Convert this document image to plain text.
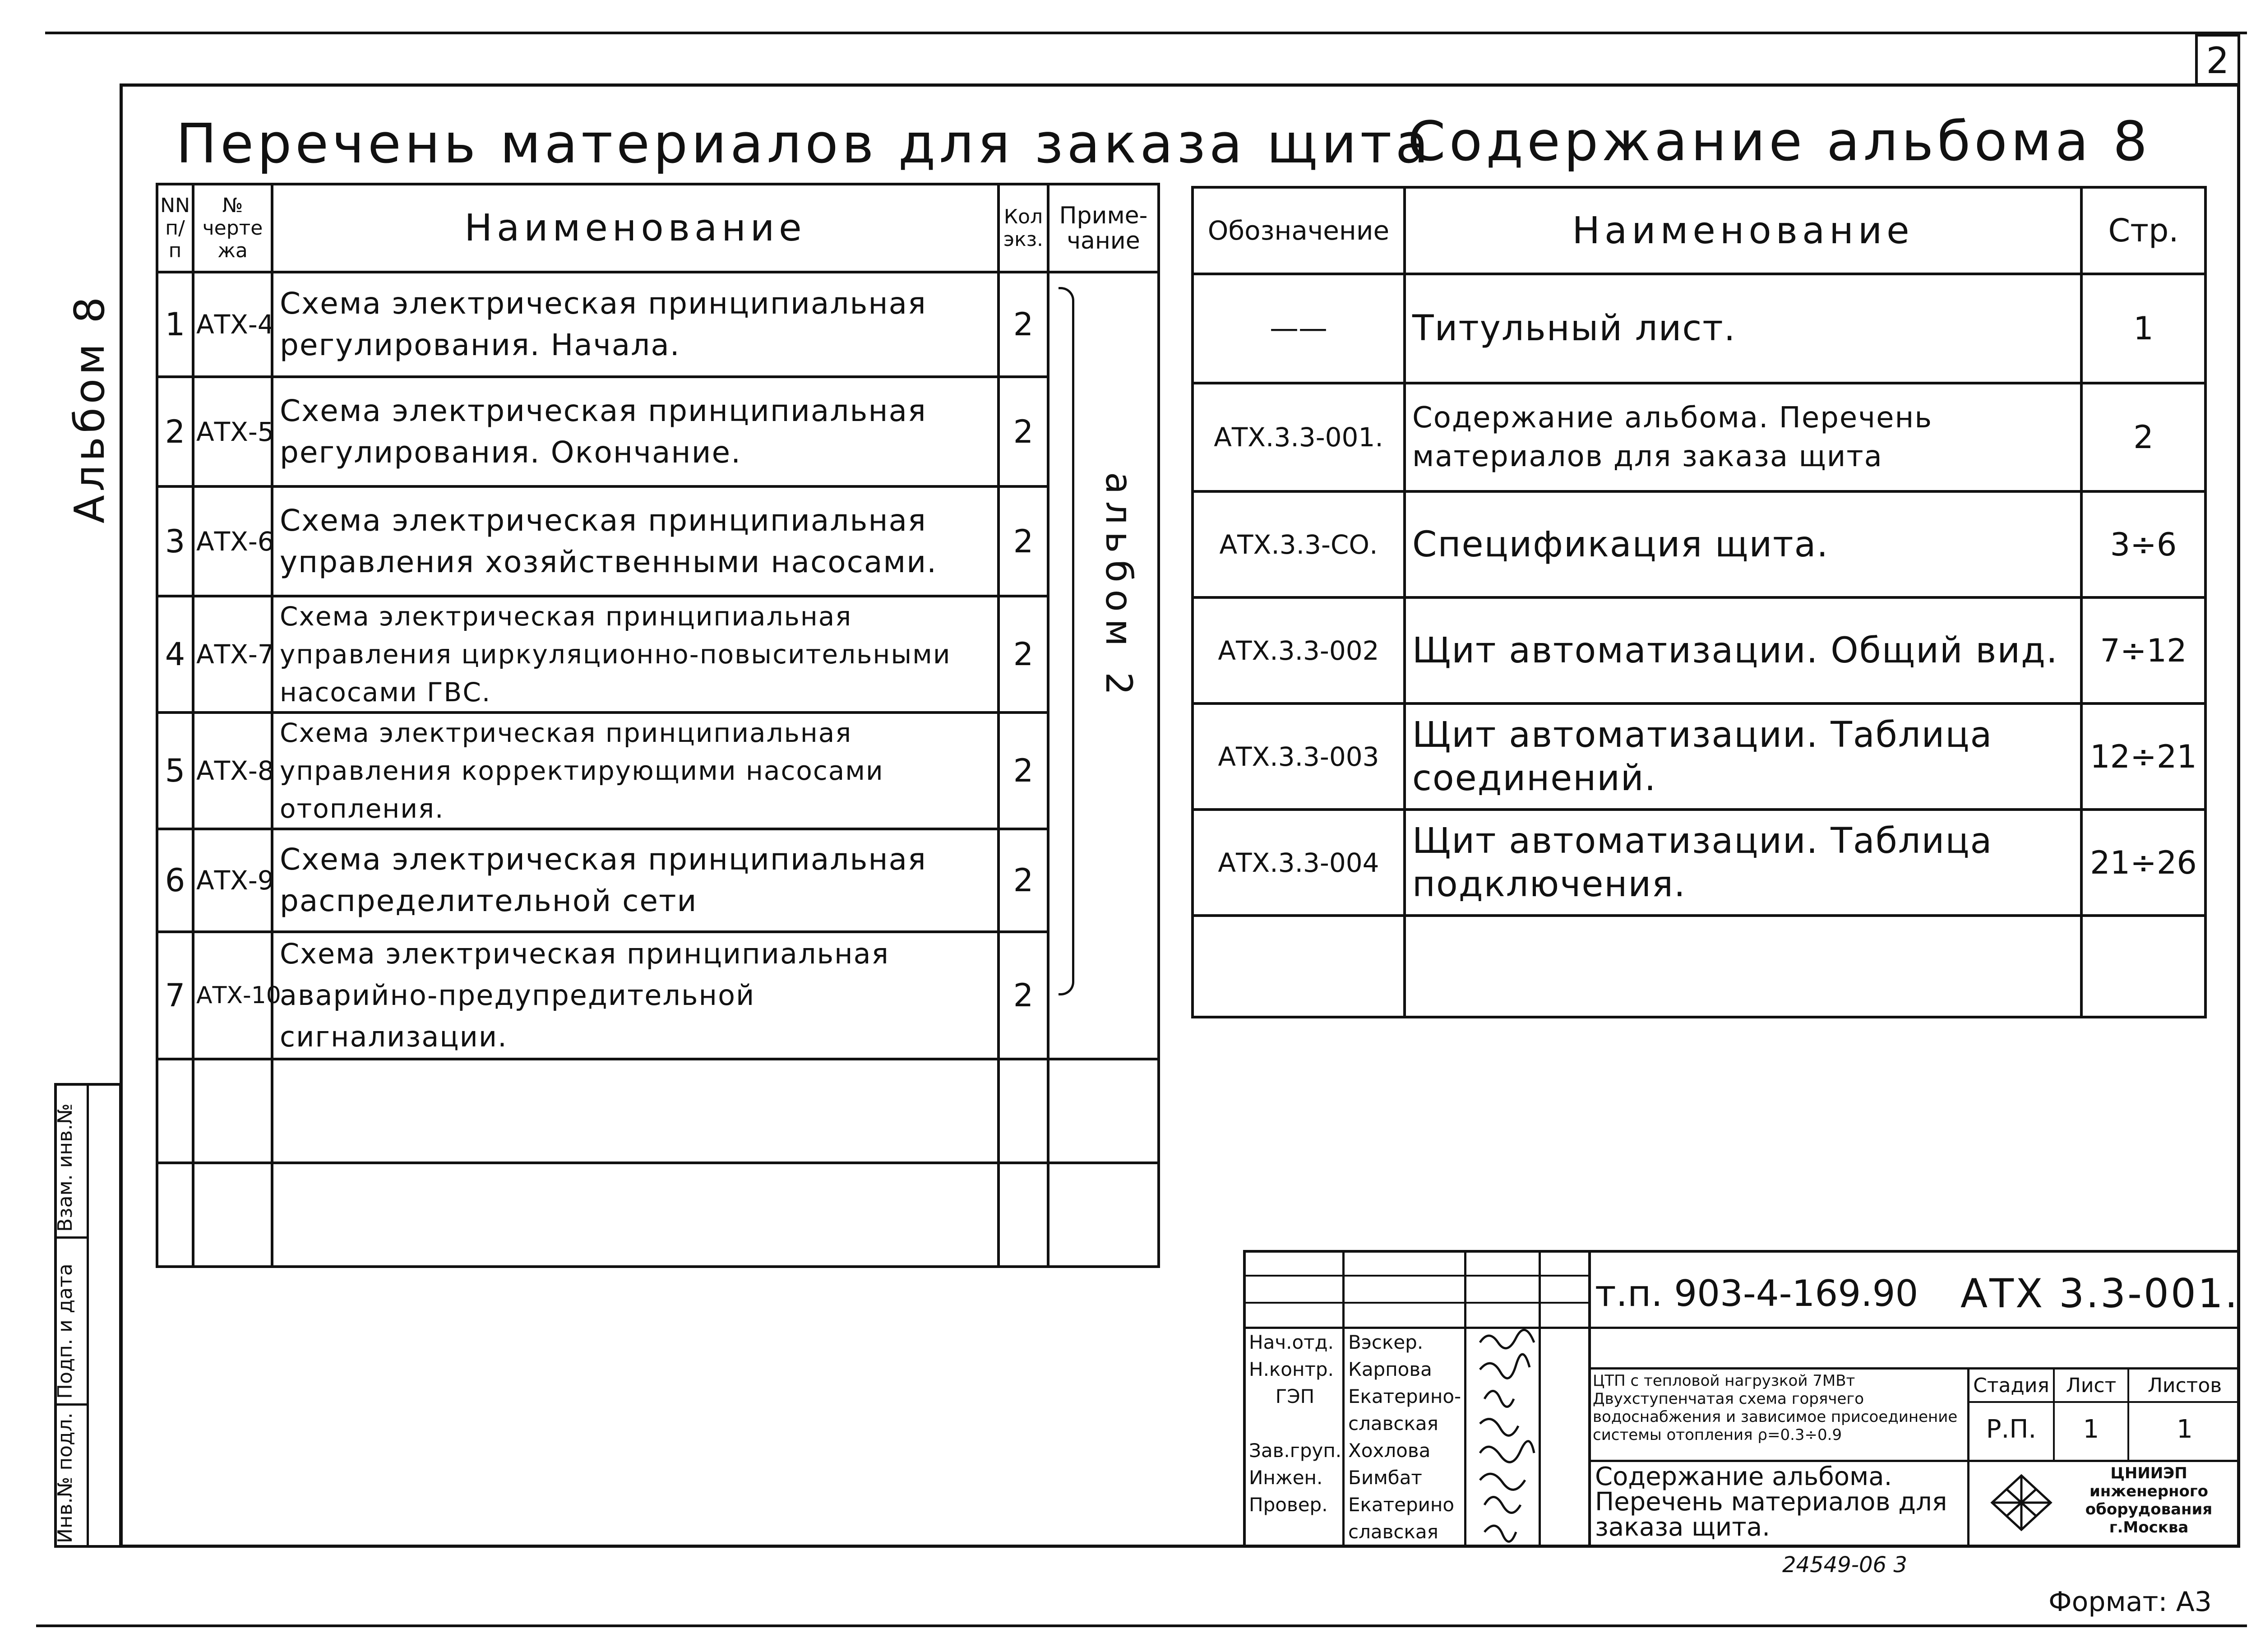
2
Альбом 8
Взам. инв.№
Подп. и дата
Инв.№ подл.
Перечень материалов для заказа щита
NN п/п	№ черте жа	Наименование	Кол экз.	Приме- чание
1	АТХ-4	Схема электрическая принципиальная регулирования. Начала.	2	альбом 2

2	АТХ-5	Схема электрическая принципиальная регулирования. Окончание.	2	
3	АТХ-6	Схема электрическая принципиальная управления хозяйственными насосами.	2	
4	АТХ-7	Схема электрическая принципиальная управления циркуляционно-повысительными насосами ГВС.	2	
5	АТХ-8	Схема электрическая принципиальная управления корректирующими насосами отопления.	2	
6	АТХ-9	Схема электрическая принципиальная распределительной сети	2	
7	АТХ-10	Схема электрическая принципиальная аварийно-предупредительной сигнализации.	2	

Содержание альбома 8
Обозначение	Наименование	Стр.
——	Титульный лист.	1
АТХ.3.3-001.	Содержание альбома. Перечень материалов для заказа щита	2
АТХ.3.3-СО.	Спецификация щита.	3÷6
АТХ.3.3-002	Щит автоматизации. Общий вид.	7÷12
АТХ.3.3-003	Щит автоматизации. Таблица соединений.	12÷21
АТХ.3.3-004	Щит автоматизации. Таблица подключения.	21÷26

т.п. 903-4-169.90 АТХ 3.3-001.
Нач.отд.	Вэскер.		
Н.контр.	Карпова		
ГЭП	Екатерино-		
	славская		
Зав.груп.	Хохлова		
Инжен.	Бимбат		
Провер.	Екатерино		
	славская		
ЦТП с тепловой нагрузкой 7МВт Двухступенчатая схема горячего водоснабжения и зависимое присоединение системы отопления ρ=0.3÷0.9
Стадия Лист	Листов
Р.П.	1	1
Содержание альбома. Перечень материалов для заказа щита.
ЦНИИЭП инженерного оборудования г.Москва
24549-06 3
Формат: А3
